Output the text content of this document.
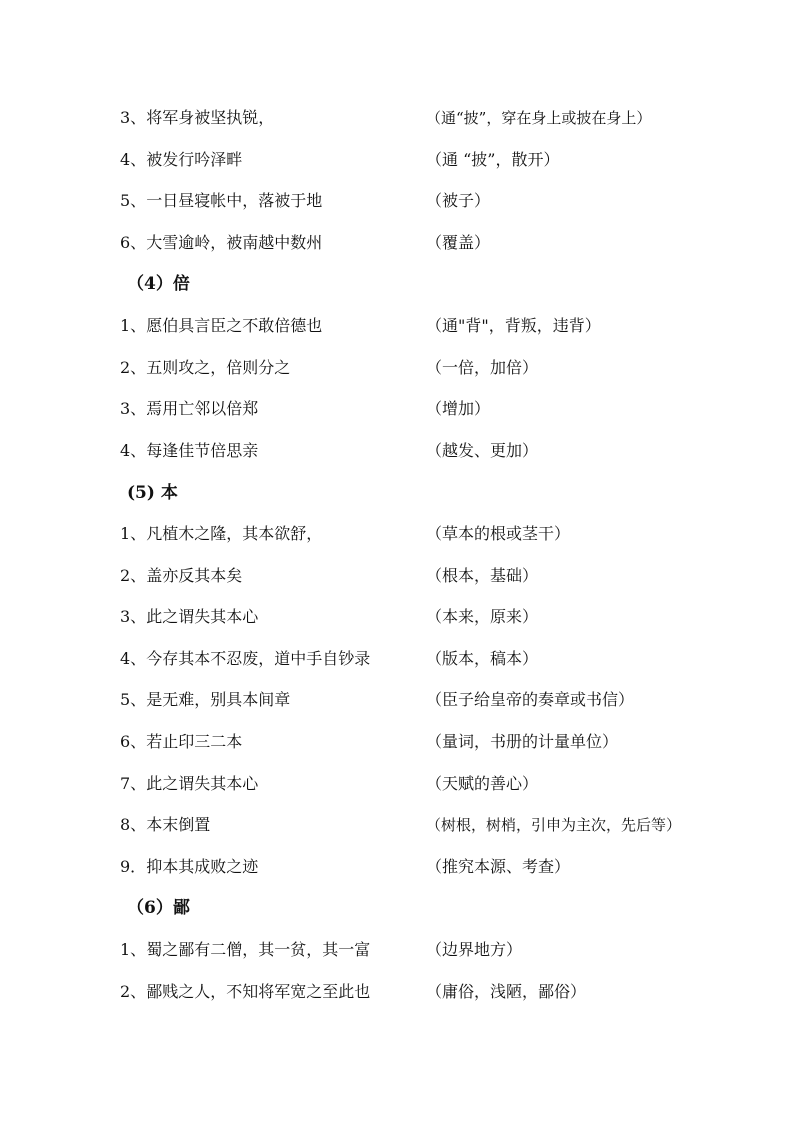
3、将军身被坚执锐，	（通“披”，穿在身上或披在身上）
4、被发行吟泽畔	（通 “披”，散开）
5、一日昼寝帐中，落被于地	（被子）
6、大雪逾岭，被南越中数州	（覆盖）
（4）倍
1、愿伯具言臣之不敢倍德也	（通"背"，背叛，违背）
2、五则攻之，倍则分之	（一倍，加倍）
3、焉用亡邻以倍郑	（增加）
4、每逢佳节倍思亲	（越发、更加）
(5) 本
1、凡植木之隆，其本欲舒，	（草本的根或茎干）
2、盖亦反其本矣	（根本，基础）
3、此之谓失其本心	（本来，原来）
4、今存其本不忍废，道中手自钞录	（版本，稿本）
5、是无难，别具本间章	（臣子给皇帝的奏章或书信）
6、若止印三二本	（量词，书册的计量单位）
7、此之谓失其本心	（天赋的善心）
8、本末倒置	（树根，树梢，引申为主次，先后等）
9．抑本其成败之迹	（推究本源、考查）
（6）鄙
1、蜀之鄙有二僧，其一贫，其一富	（边界地方）
2、鄙贱之人，不知将军宽之至此也	（庸俗，浅陋，鄙俗）
